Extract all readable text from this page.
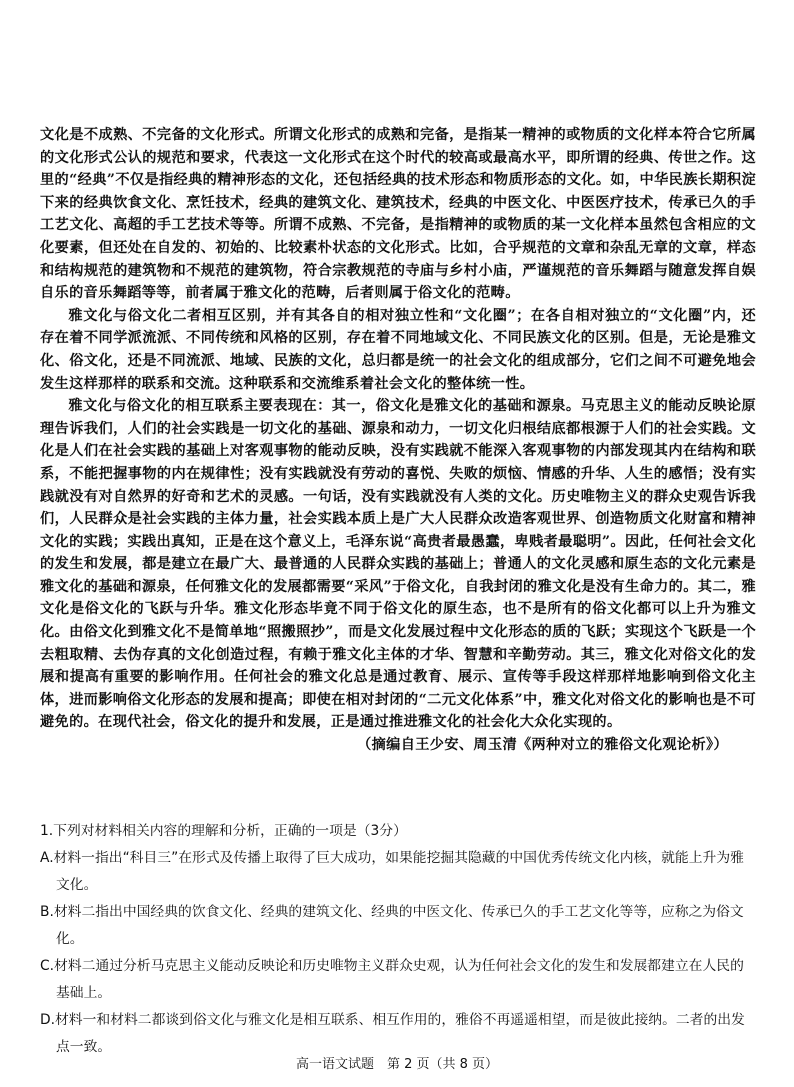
文化是不成熟、不完备的文化形式。所谓文化形式的成熟和完备，是指某一精神的或物质的文化样本符合它所属的文化形式公认的规范和要求，代表这一文化形式在这个时代的较高或最高水平，即所谓的经典、传世之作。这里的“经典”不仅是指经典的精神形态的文化，还包括经典的技术形态和物质形态的文化。如，中华民族长期积淀下来的经典饮食文化、烹饪技术，经典的建筑文化、建筑技术，经典的中医文化、中医医疗技术，传承已久的手工艺文化、高超的手工艺技术等等。所谓不成熟、不完备，是指精神的或物质的某一文化样本虽然包含相应的文化要素，但还处在自发的、初始的、比较素朴状态的文化形式。比如，合乎规范的文章和杂乱无章的文章，样态和结构规范的建筑物和不规范的建筑物，符合宗教规范的寺庙与乡村小庙，严谨规范的音乐舞蹈与随意发挥自娱自乐的音乐舞蹈等等，前者属于雅文化的范畴，后者则属于俗文化的范畴。

雅文化与俗文化二者相互区别，并有其各自的相对独立性和“文化圈”；在各自相对独立的“文化圈”内，还存在着不同学派流派、不同传统和风格的区别，存在着不同地域文化、不同民族文化的区别。但是，无论是雅文化、俗文化，还是不同流派、地域、民族的文化，总归都是统一的社会文化的组成部分，它们之间不可避免地会发生这样那样的联系和交流。这种联系和交流维系着社会文化的整体统一性。

雅文化与俗文化的相互联系主要表现在：其一，俗文化是雅文化的基础和源泉。马克思主义的能动反映论原理告诉我们，人们的社会实践是一切文化的基础、源泉和动力，一切文化归根结底都根源于人们的社会实践。文化是人们在社会实践的基础上对客观事物的能动反映，没有实践就不能深入客观事物的内部发现其内在结构和联系，不能把握事物的内在规律性；没有实践就没有劳动的喜悦、失败的烦恼、情感的升华、人生的感悟；没有实践就没有对自然界的好奇和艺术的灵感。一句话，没有实践就没有人类的文化。历史唯物主义的群众史观告诉我们，人民群众是社会实践的主体力量，社会实践本质上是广大人民群众改造客观世界、创造物质文化财富和精神文化的实践；实践出真知，正是在这个意义上，毛泽东说“高贵者最愚蠢，卑贱者最聪明”。因此，任何社会文化的发生和发展，都是建立在最广大、最普通的人民群众实践的基础上；普通人的文化灵感和原生态的文化元素是雅文化的基础和源泉，任何雅文化的发展都需要“采风”于俗文化，自我封闭的雅文化是没有生命力的。其二，雅文化是俗文化的飞跃与升华。雅文化形态毕竟不同于俗文化的原生态，也不是所有的俗文化都可以上升为雅文化。由俗文化到雅文化不是简单地“照搬照抄”，而是文化发展过程中文化形态的质的飞跃；实现这个飞跃是一个去粗取精、去伪存真的文化创造过程，有赖于雅文化主体的才华、智慧和辛勤劳动。其三，雅文化对俗文化的发展和提高有重要的影响作用。任何社会的雅文化总是通过教育、展示、宣传等手段这样那样地影响到俗文化主体，进而影响俗文化形态的发展和提高；即使在相对封闭的“二元文化体系”中，雅文化对俗文化的影响也是不可避免的。在现代社会，俗文化的提升和发展，正是通过推进雅文化的社会化大众化实现的。

（摘编自王少安、周玉清《两种对立的雅俗文化观论析》）

1.下列对材料相关内容的理解和分析，正确的一项是（3分）

A.材料一指出“科目三”在形式及传播上取得了巨大成功，如果能挖掘其隐藏的中国优秀传统文化内核，就能上升为雅文化。

B.材料二指出中国经典的饮食文化、经典的建筑文化、经典的中医文化、传承已久的手工艺文化等等，应称之为俗文化。

C.材料二通过分析马克思主义能动反映论和历史唯物主义群众史观，认为任何社会文化的发生和发展都建立在人民的基础上。

D.材料一和材料二都谈到俗文化与雅文化是相互联系、相互作用的，雅俗不再遥遥相望，而是彼此接纳。二者的出发点一致。

高一语文试题　第 2 页（共 8 页）
